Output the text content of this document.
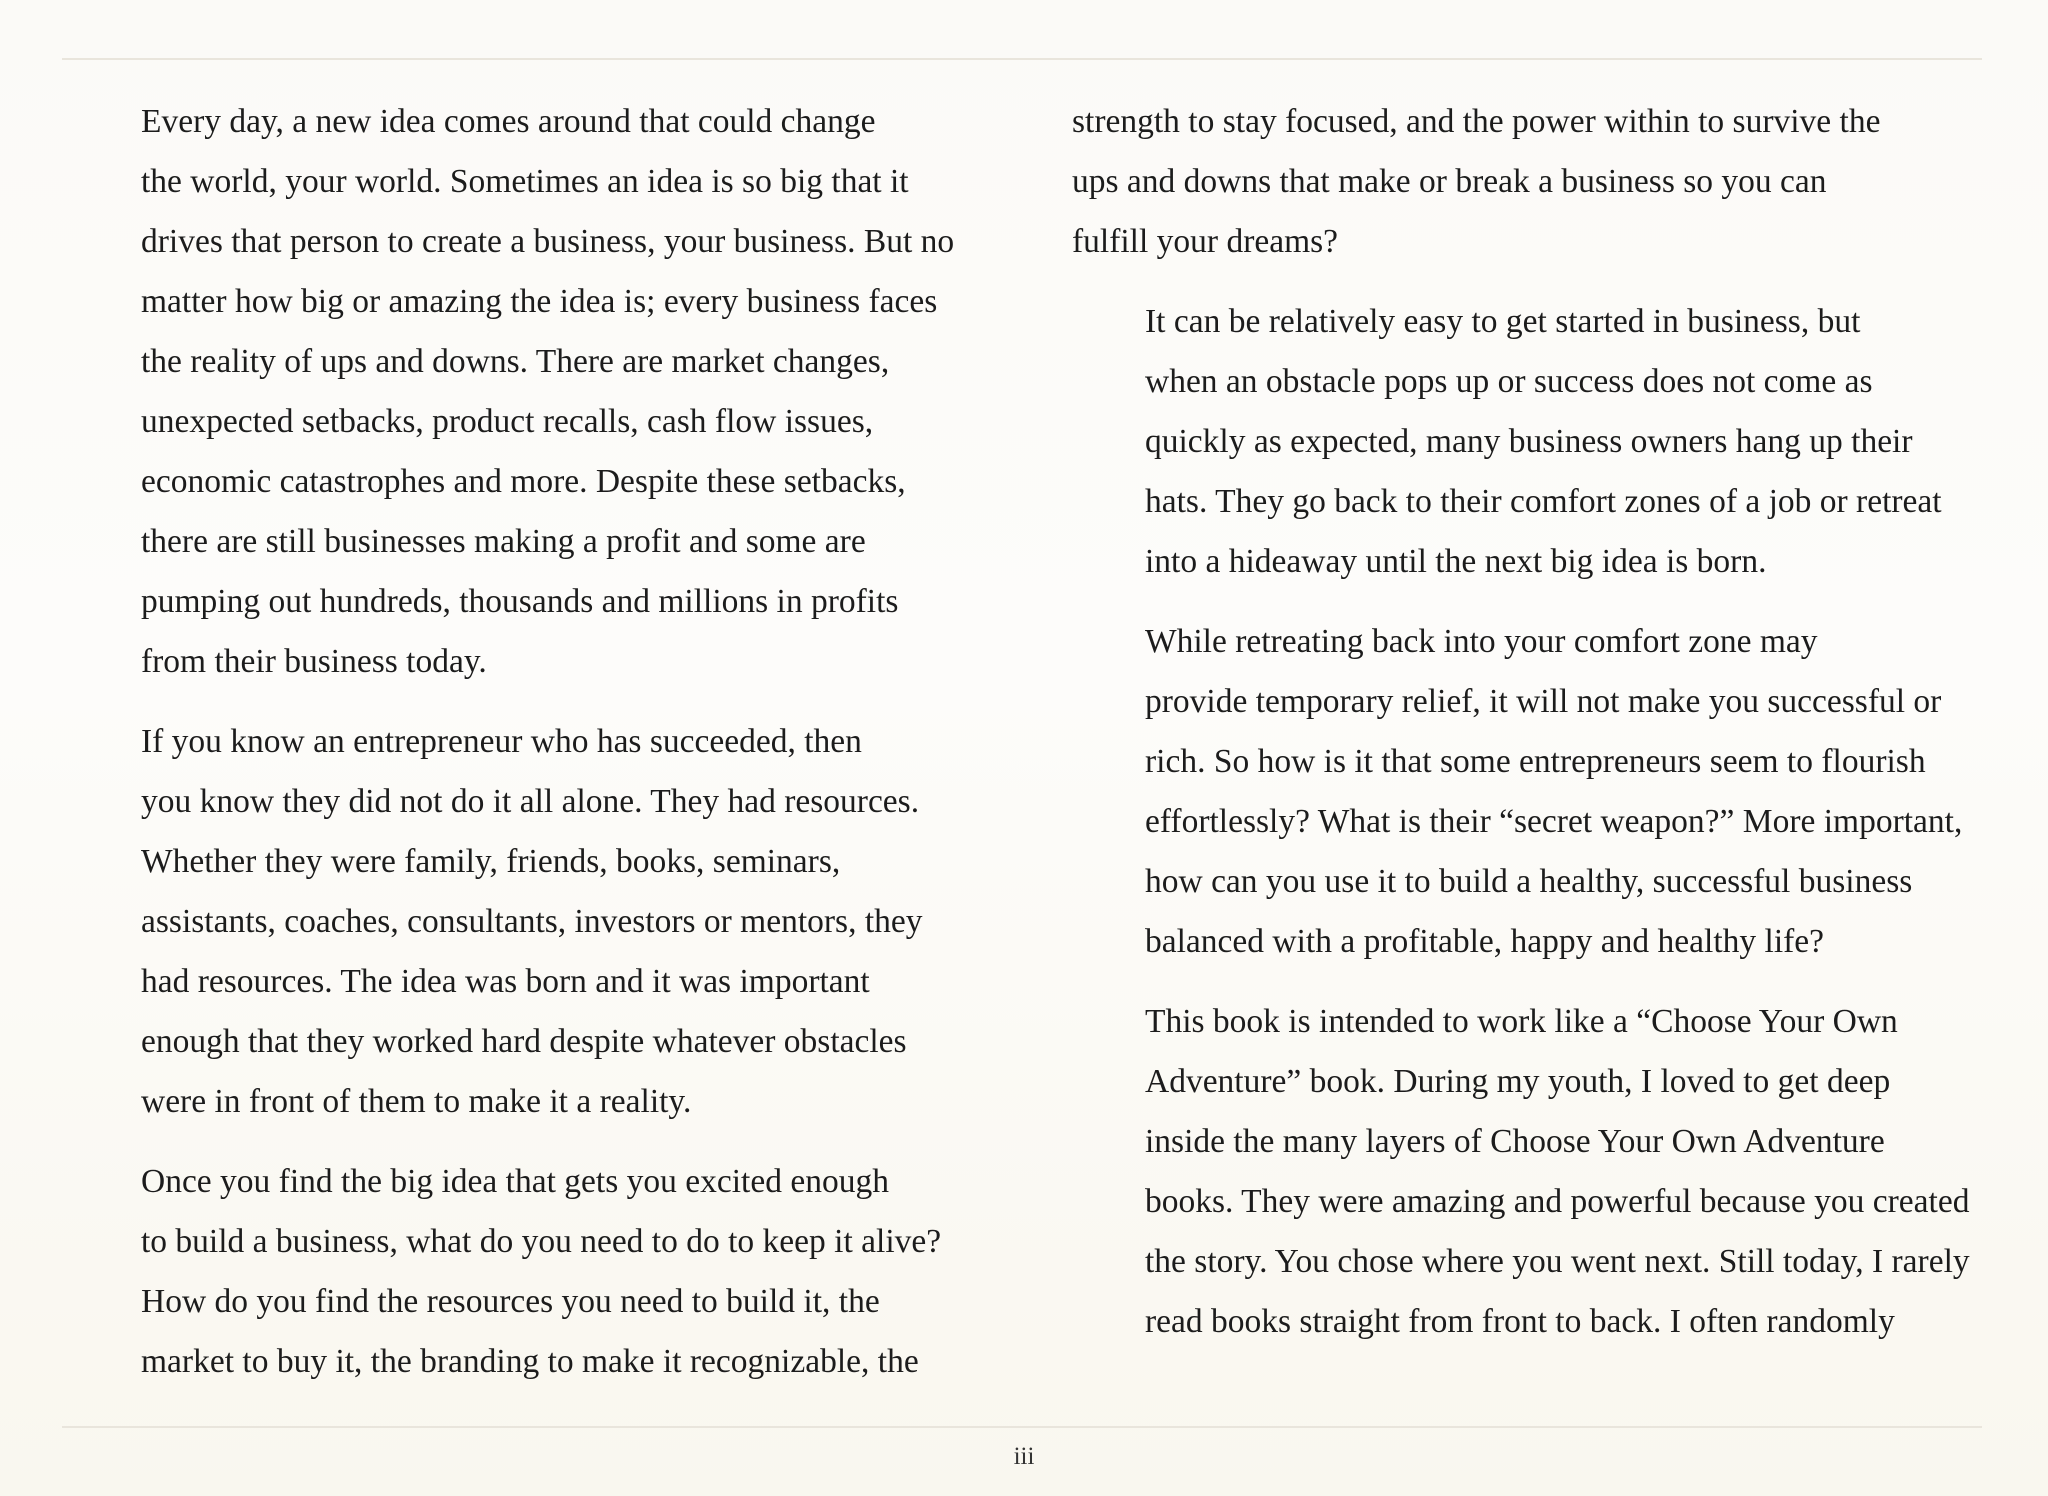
Every day, a new idea comes around that could change
the world, your world. Sometimes an idea is so big that it
drives that person to create a business, your business. But no
matter how big or amazing the idea is; every business faces
the reality of ups and downs. There are market changes,
unexpected setbacks, product recalls, cash flow issues,
economic catastrophes and more. Despite these setbacks,
there are still businesses making a profit and some are
pumping out hundreds, thousands and millions in profits
from their business today.

If you know an entrepreneur who has succeeded, then
you know they did not do it all alone. They had resources.
Whether they were family, friends, books, seminars,
assistants, coaches, consultants, investors or mentors, they
had resources. The idea was born and it was important
enough that they worked hard despite whatever obstacles
were in front of them to make it a reality.

Once you find the big idea that gets you excited enough
to build a business, what do you need to do to keep it alive?
How do you find the resources you need to build it, the
market to buy it, the branding to make it recognizable, the

strength to stay focused, and the power within to survive the
ups and downs that make or break a business so you can
fulfill your dreams?

It can be relatively easy to get started in business, but
when an obstacle pops up or success does not come as
quickly as expected, many business owners hang up their
hats. They go back to their comfort zones of a job or retreat
into a hideaway until the next big idea is born.

While retreating back into your comfort zone may
provide temporary relief, it will not make you successful or
rich. So how is it that some entrepreneurs seem to flourish
effortlessly? What is their “secret weapon?” More important,
how can you use it to build a healthy, successful business
balanced with a profitable, happy and healthy life?

This book is intended to work like a “Choose Your Own
Adventure” book. During my youth, I loved to get deep
inside the many layers of Choose Your Own Adventure
books. They were amazing and powerful because you created
the story. You chose where you went next. Still today, I rarely
read books straight from front to back. I often randomly

iii
